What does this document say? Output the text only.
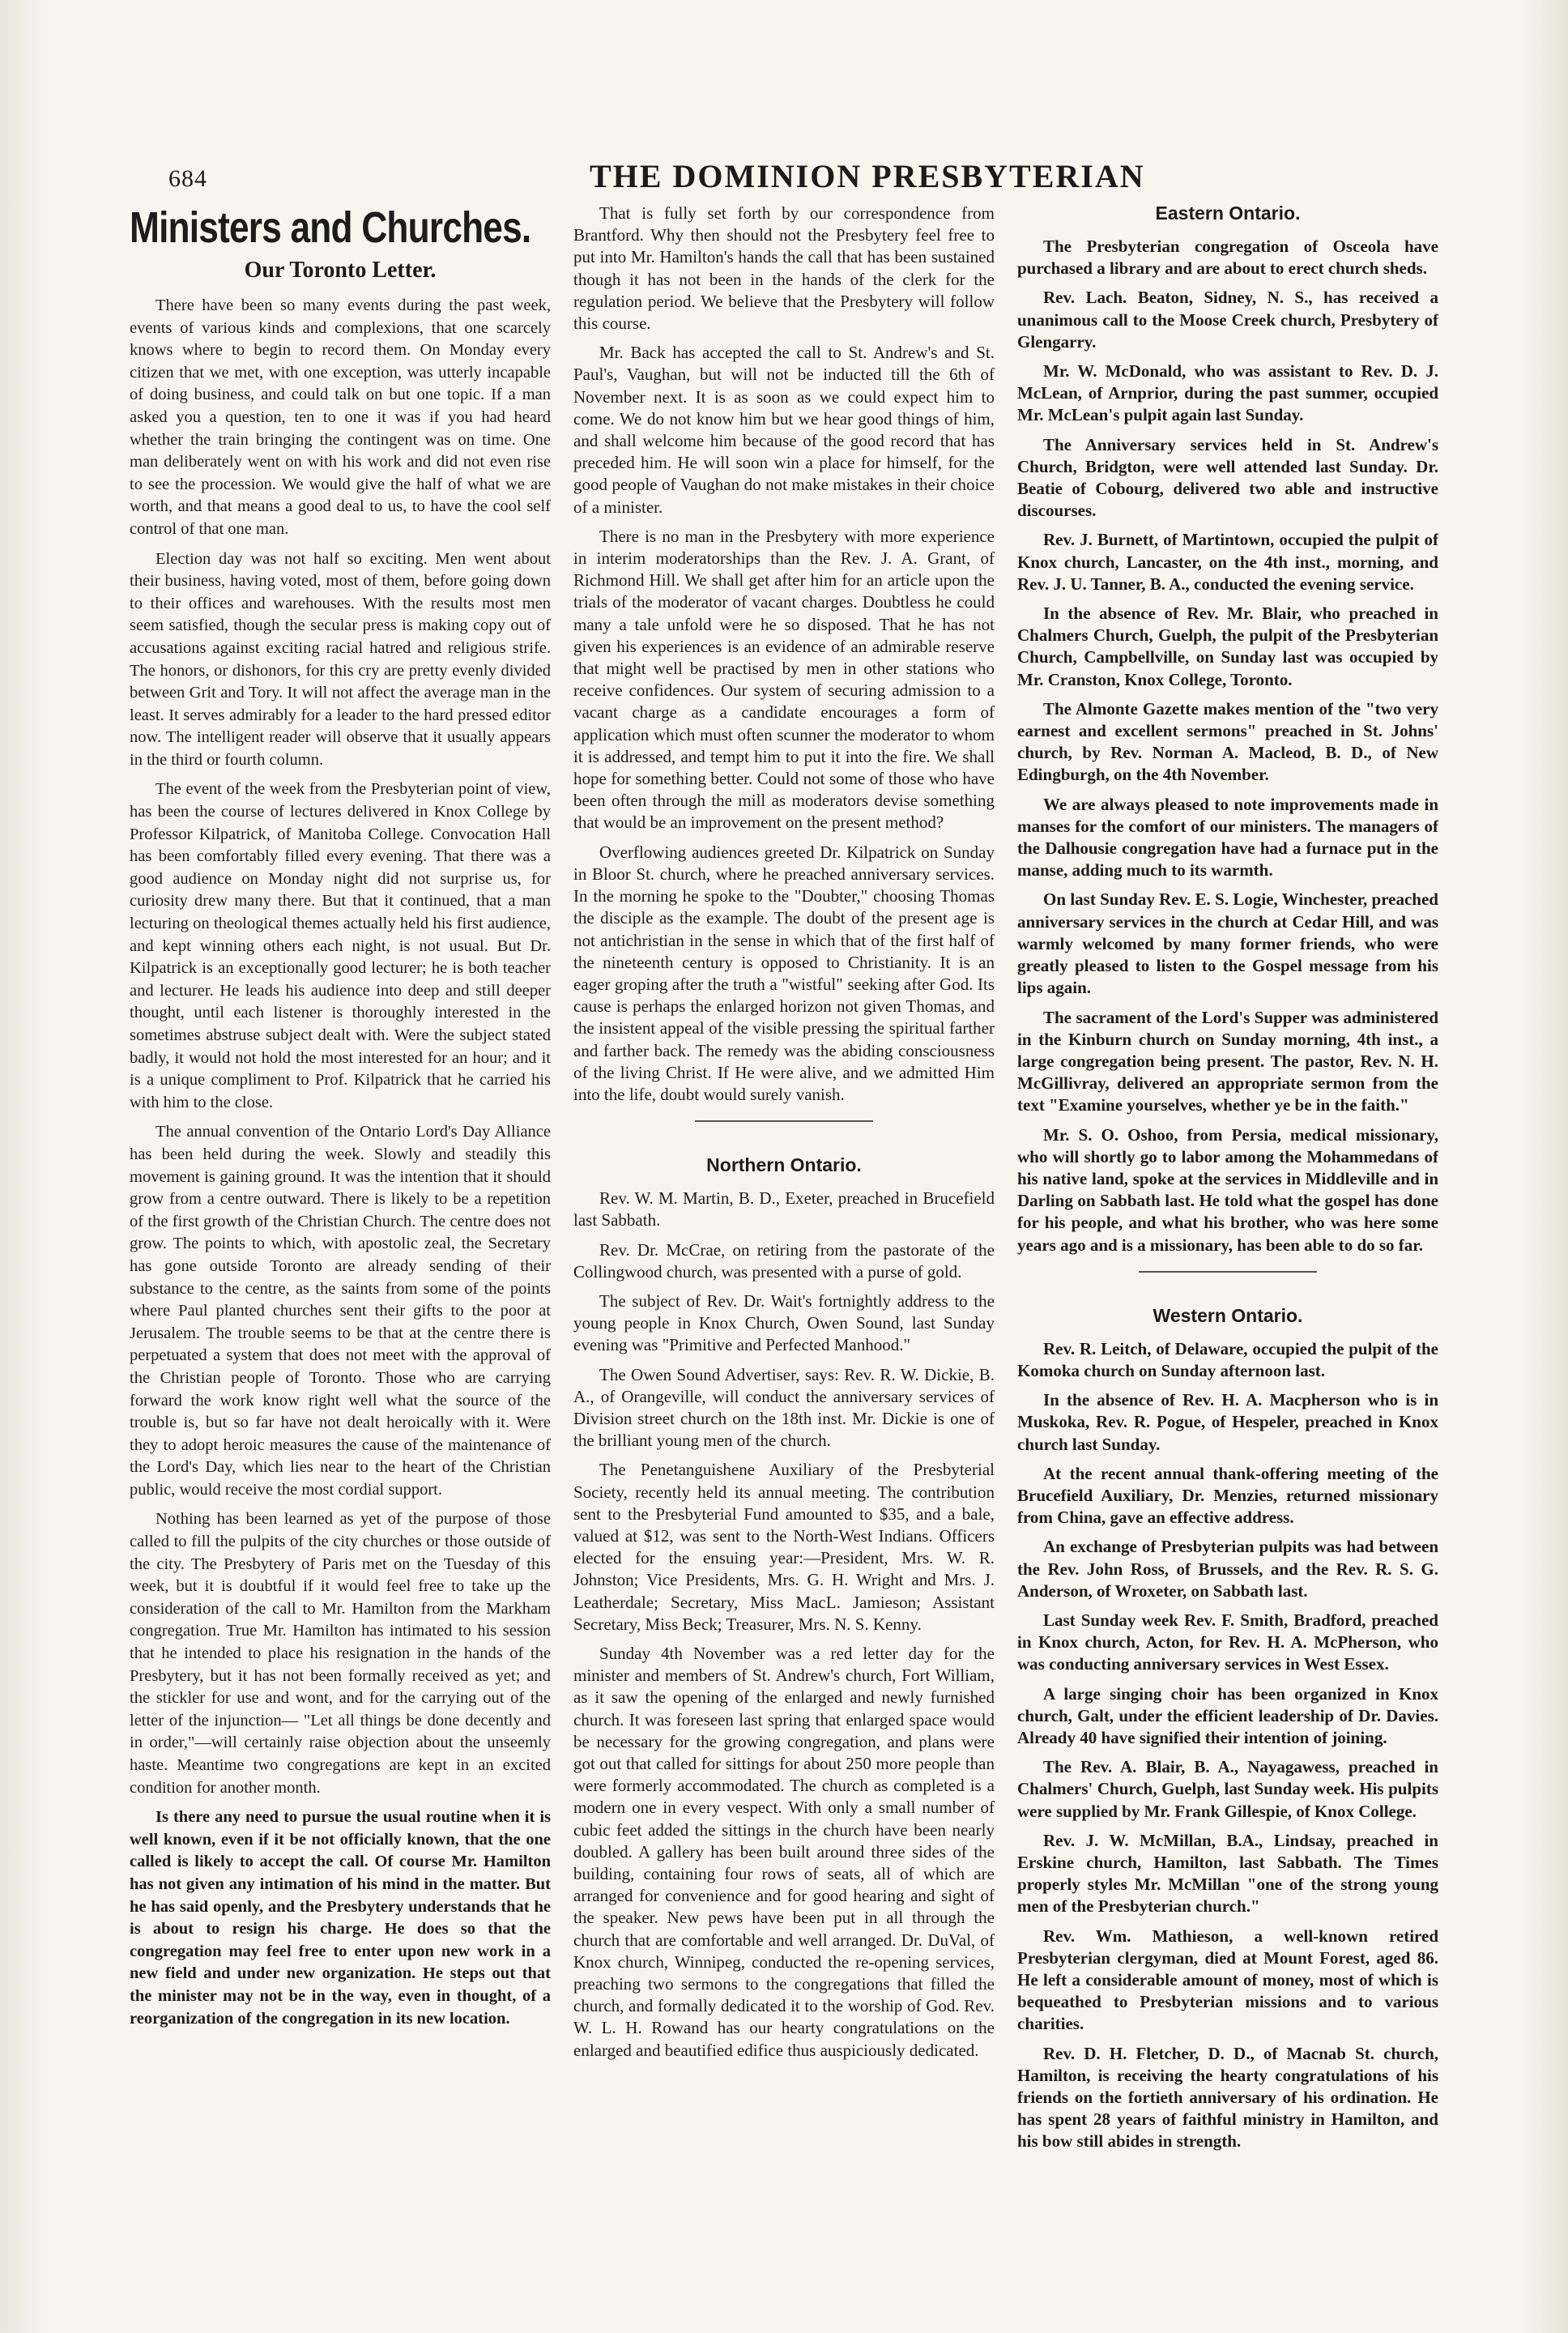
684	THE DOMINION PRESBYTERIAN
Ministers and Churches.
Our Toronto Letter.

There have been so many events during the past week, events of various kinds and complexions, that one scarcely knows where to begin to record them. On Monday every citizen that we met, with one exception, was utterly incapable of doing business, and could talk on but one topic. If a man asked you a question, ten to one it was if you had heard whether the train bringing the contingent was on time. One man deliberately went on with his work and did not even rise to see the procession. We would give the half of what we are worth, and that means a good deal to us, to have the cool self control of that one man.

Election day was not half so exciting. Men went about their business, having voted, most of them, before going down to their offices and warehouses. With the results most men seem satisfied, though the secular press is making copy out of accusations against exciting racial hatred and religious strife. The honors, or dishonors, for this cry are pretty evenly divided between Grit and Tory. It will not affect the average man in the least. It serves admirably for a leader to the hard pressed editor now. The intelligent reader will observe that it usually appears in the third or fourth column.

The event of the week from the Presbyterian point of view, has been the course of lectures delivered in Knox College by Professor Kilpatrick, of Manitoba College. Convocation Hall has been comfortably filled every evening. That there was a good audience on Monday night did not surprise us, for curiosity drew many there. But that it continued, that a man lecturing on theological themes actually held his first audience, and kept winning others each night, is not usual. But Dr. Kilpatrick is an exceptionally good lecturer; he is both teacher and lecturer. He leads his audience into deep and still deeper thought, until each listener is thoroughly interested in the sometimes abstruse subject dealt with. Were the subject stated badly, it would not hold the most interested for an hour; and it is a unique compliment to Prof. Kilpatrick that he carried his with him to the close.

The annual convention of the Ontario Lord's Day Alliance has been held during the week. Slowly and steadily this movement is gaining ground. It was the intention that it should grow from a centre outward. There is likely to be a repetition of the first growth of the Christian Church. The centre does not grow. The points to which, with apostolic zeal, the Secretary has gone outside Toronto are already sending of their substance to the centre, as the saints from some of the points where Paul planted churches sent their gifts to the poor at Jerusalem. The trouble seems to be that at the centre there is perpetuated a system that does not meet with the approval of the Christian people of Toronto. Those who are carrying forward the work know right well what the source of the trouble is, but so far have not dealt heroically with it. Were they to adopt heroic measures the cause of the maintenance of the Lord's Day, which lies near to the heart of the Christian public, would receive the most cordial support.

Nothing has been learned as yet of the purpose of those called to fill the pulpits of the city churches or those outside of the city. The Presbytery of Paris met on the Tuesday of this week, but it is doubtful if it would feel free to take up the consideration of the call to Mr. Hamilton from the Markham congregation. True Mr. Hamilton has intimated to his session that he intended to place his resignation in the hands of the Presbytery, but it has not been formally received as yet; and the stickler for use and wont, and for the carrying out of the letter of the injunction— "Let all things be done decently and in order,"—will certainly raise objection about the unseemly haste. Meantime two congregations are kept in an excited condition for another month.

Is there any need to pursue the usual routine when it is well known, even if it be not officially known, that the one called is likely to accept the call. Of course Mr. Hamilton has not given any intimation of his mind in the matter. But he has said openly, and the Presbytery understands that he is about to resign his charge. He does so that the congregation may feel free to enter upon new work in a new field and under new organization. He steps out that the minister may not be in the way, even in thought, of a reorganization of the congregation in its new location.

That is fully set forth by our correspondence from Brantford. Why then should not the Presbytery feel free to put into Mr. Hamilton's hands the call that has been sustained though it has not been in the hands of the clerk for the regulation period. We believe that the Presbytery will follow this course.

Mr. Back has accepted the call to St. Andrew's and St. Paul's, Vaughan, but will not be inducted till the 6th of November next. It is as soon as we could expect him to come. We do not know him but we hear good things of him, and shall welcome him because of the good record that has preceded him. He will soon win a place for himself, for the good people of Vaughan do not make mistakes in their choice of a minister.

There is no man in the Presbytery with more experience in interim moderatorships than the Rev. J. A. Grant, of Richmond Hill. We shall get after him for an article upon the trials of the moderator of vacant charges. Doubtless he could many a tale unfold were he so disposed. That he has not given his experiences is an evidence of an admirable reserve that might well be practised by men in other stations who receive confidences. Our system of securing admission to a vacant charge as a candidate encourages a form of application which must often scunner the moderator to whom it is addressed, and tempt him to put it into the fire. We shall hope for something better. Could not some of those who have been often through the mill as moderators devise something that would be an improvement on the present method?

Overflowing audiences greeted Dr. Kilpatrick on Sunday in Bloor St. church, where he preached anniversary services. In the morning he spoke to the "Doubter," choosing Thomas the disciple as the example. The doubt of the present age is not antichristian in the sense in which that of the first half of the nineteenth century is opposed to Christianity. It is an eager groping after the truth a "wistful" seeking after God. Its cause is perhaps the enlarged horizon not given Thomas, and the insistent appeal of the visible pressing the spiritual farther and farther back. The remedy was the abiding consciousness of the living Christ. If He were alive, and we admitted Him into the life, doubt would surely vanish.

Northern Ontario.

Rev. W. M. Martin, B. D., Exeter, preached in Brucefield last Sabbath.

Rev. Dr. McCrae, on retiring from the pastorate of the Collingwood church, was presented with a purse of gold.

The subject of Rev. Dr. Wait's fortnightly address to the young people in Knox Church, Owen Sound, last Sunday evening was "Primitive and Perfected Manhood."

The Owen Sound Advertiser, says: Rev. R. W. Dickie, B. A., of Orangeville, will conduct the anniversary services of Division street church on the 18th inst. Mr. Dickie is one of the brilliant young men of the church.

The Penetanguishene Auxiliary of the Presbyterial Society, recently held its annual meeting. The contribution sent to the Presbyterial Fund amounted to $35, and a bale, valued at $12, was sent to the North-West Indians. Officers elected for the ensuing year:—President, Mrs. W. R. Johnston; Vice Presidents, Mrs. G. H. Wright and Mrs. J. Leatherdale; Secretary, Miss MacL. Jamieson; Assistant Secretary, Miss Beck; Treasurer, Mrs. N. S. Kenny.

Sunday 4th November was a red letter day for the minister and members of St. Andrew's church, Fort William, as it saw the opening of the enlarged and newly furnished church. It was foreseen last spring that enlarged space would be necessary for the growing congregation, and plans were got out that called for sittings for about 250 more people than were formerly accommodated. The church as completed is a modern one in every vespect. With only a small number of cubic feet added the sittings in the church have been nearly doubled. A gallery has been built around three sides of the building, containing four rows of seats, all of which are arranged for convenience and for good hearing and sight of the speaker. New pews have been put in all through the church that are comfortable and well arranged. Dr. DuVal, of Knox church, Winnipeg, conducted the re-opening services, preaching two sermons to the congregations that filled the church, and formally dedicated it to the worship of God. Rev. W. L. H. Rowand has our hearty congratulations on the enlarged and beautified edifice thus auspiciously dedicated.

Eastern Ontario.

The Presbyterian congregation of Osceola have purchased a library and are about to erect church sheds.

Rev. Lach. Beaton, Sidney, N. S., has received a unanimous call to the Moose Creek church, Presbytery of Glengarry.

Mr. W. McDonald, who was assistant to Rev. D. J. McLean, of Arnprior, during the past summer, occupied Mr. McLean's pulpit again last Sunday.

The Anniversary services held in St. Andrew's Church, Bridgton, were well attended last Sunday. Dr. Beatie of Cobourg, delivered two able and instructive discourses.

Rev. J. Burnett, of Martintown, occupied the pulpit of Knox church, Lancaster, on the 4th inst., morning, and Rev. J. U. Tanner, B. A., conducted the evening service.

In the absence of Rev. Mr. Blair, who preached in Chalmers Church, Guelph, the pulpit of the Presbyterian Church, Campbellville, on Sunday last was occupied by Mr. Cranston, Knox College, Toronto.

The Almonte Gazette makes mention of the "two very earnest and excellent sermons" preached in St. Johns' church, by Rev. Norman A. Macleod, B. D., of New Edingburgh, on the 4th November.

We are always pleased to note improvements made in manses for the comfort of our ministers. The managers of the Dalhousie congregation have had a furnace put in the manse, adding much to its warmth.

On last Sunday Rev. E. S. Logie, Winchester, preached anniversary services in the church at Cedar Hill, and was warmly welcomed by many former friends, who were greatly pleased to listen to the Gospel message from his lips again.

The sacrament of the Lord's Supper was administered in the Kinburn church on Sunday morning, 4th inst., a large congregation being present. The pastor, Rev. N. H. McGillivray, delivered an appropriate sermon from the text "Examine yourselves, whether ye be in the faith."

Mr. S. O. Oshoo, from Persia, medical missionary, who will shortly go to labor among the Mohammedans of his native land, spoke at the services in Middleville and in Darling on Sabbath last. He told what the gospel has done for his people, and what his brother, who was here some years ago and is a missionary, has been able to do so far.

Western Ontario.

Rev. R. Leitch, of Delaware, occupied the pulpit of the Komoka church on Sunday afternoon last.

In the absence of Rev. H. A. Macpherson who is in Muskoka, Rev. R. Pogue, of Hespeler, preached in Knox church last Sunday.

At the recent annual thank-offering meeting of the Brucefield Auxiliary, Dr. Menzies, returned missionary from China, gave an effective address.

An exchange of Presbyterian pulpits was had between the Rev. John Ross, of Brussels, and the Rev. R. S. G. Anderson, of Wroxeter, on Sabbath last.

Last Sunday week Rev. F. Smith, Bradford, preached in Knox church, Acton, for Rev. H. A. McPherson, who was conducting anniversary services in West Essex.

A large singing choir has been organized in Knox church, Galt, under the efficient leadership of Dr. Davies. Already 40 have signified their intention of joining.

The Rev. A. Blair, B. A., Nayagawess, preached in Chalmers' Church, Guelph, last Sunday week. His pulpits were supplied by Mr. Frank Gillespie, of Knox College.

Rev. J. W. McMillan, B.A., Lindsay, preached in Erskine church, Hamilton, last Sabbath. The Times properly styles Mr. McMillan "one of the strong young men of the Presbyterian church."

Rev. Wm. Mathieson, a well-known retired Presbyterian clergyman, died at Mount Forest, aged 86. He left a considerable amount of money, most of which is bequeathed to Presbyterian missions and to various charities.

Rev. D. H. Fletcher, D. D., of Macnab St. church, Hamilton, is receiving the hearty congratulations of his friends on the fortieth anniversary of his ordination. He has spent 28 years of faithful ministry in Hamilton, and his bow still abides in strength.
